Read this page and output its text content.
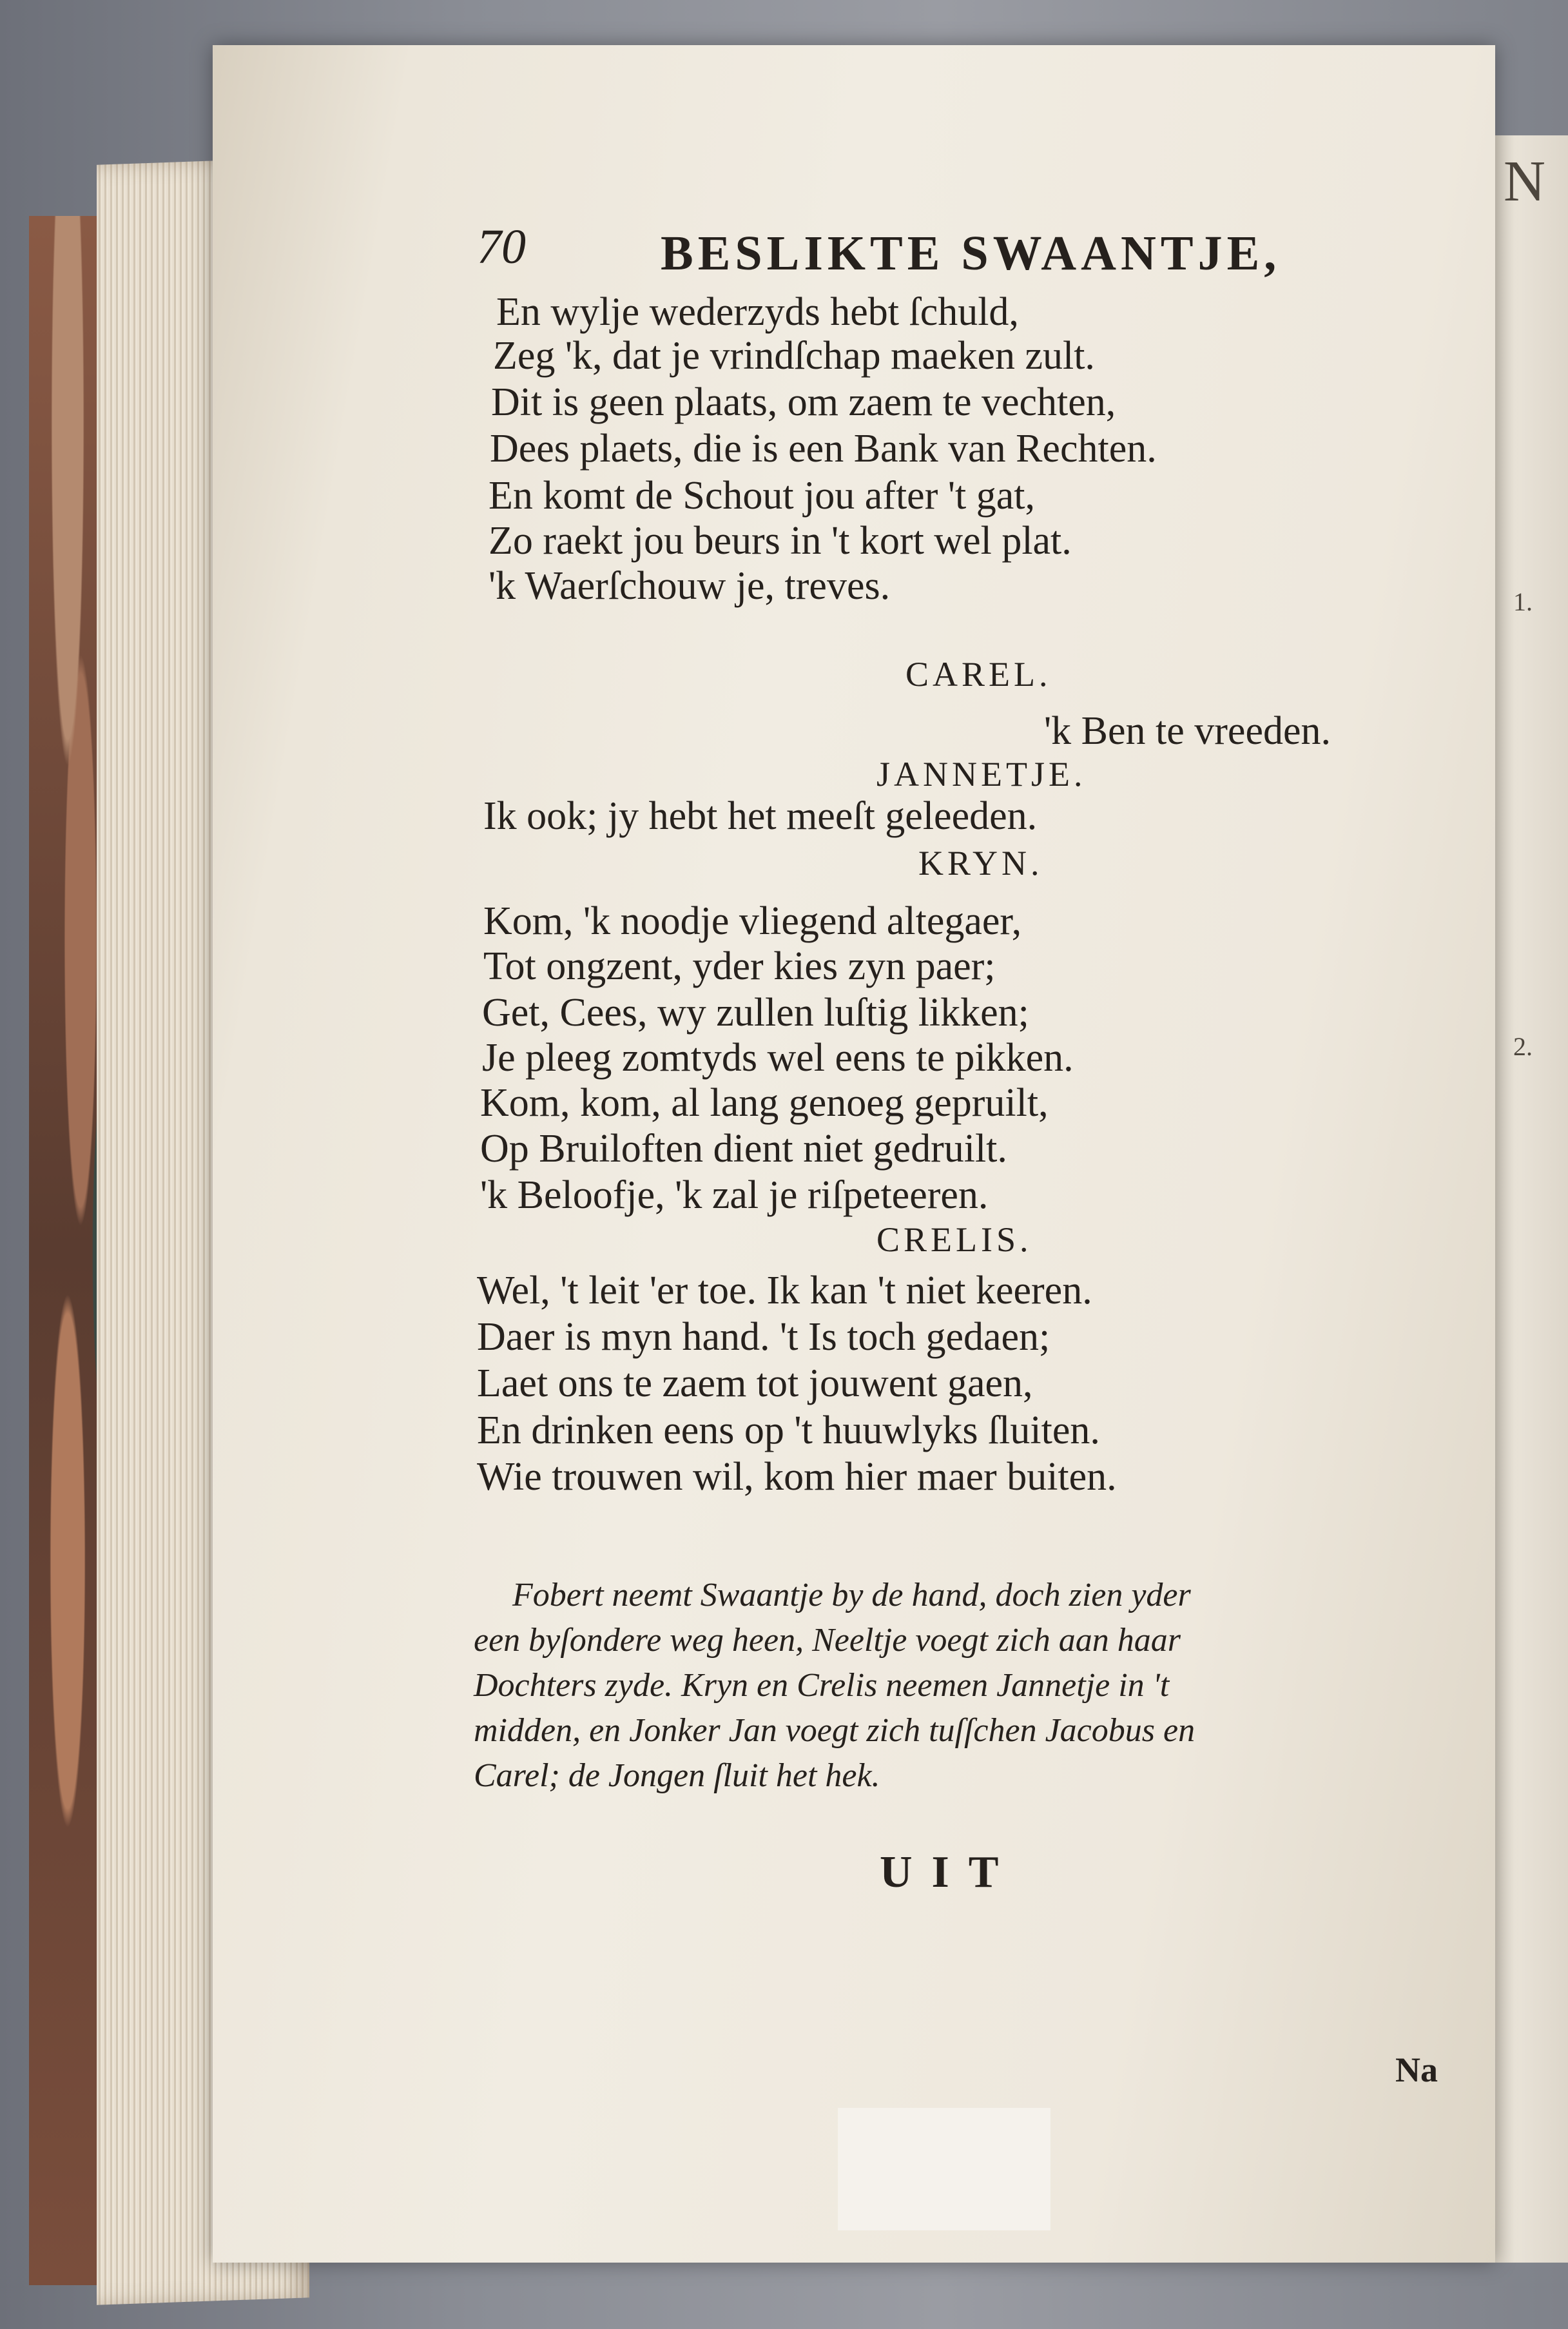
N
1.
2.
70	BESLIKTE SWAANTJE,
En wylje wederzyds hebt ſchuld,
Zeg 'k, dat je vrindſchap maeken zult.
Dit is geen plaats, om zaem te vechten,
Dees plaets, die is een Bank van Rechten.
En komt de Schout jou after 't gat,
Zo raekt jou beurs in 't kort wel plat.
'k Waerſchouw je, treves.
CAREL.
'k Ben te vreeden.
JANNETJE.
Ik ook; jy hebt het meeſt geleeden.
KRYN.
Kom, 'k noodje vliegend altegaer,
Tot ongzent, yder kies zyn paer;
Get, Cees, wy zullen luſtig likken;
Je pleeg zomtyds wel eens te pikken.
Kom, kom, al lang genoeg gepruilt,
Op Bruiloften dient niet gedruilt.
'k Beloofje, 'k zal je riſpeteeren.
CRELIS.
Wel, 't leit 'er toe. Ik kan 't niet keeren.
Daer is myn hand. 't Is toch gedaen;
Laet ons te zaem tot jouwent gaen,
En drinken eens op 't huuwlyks ſluiten.
Wie trouwen wil, kom hier maer buiten.
Fobert neemt Swaantje by de hand, doch zien yder
een byſondere weg heen, Neeltje voegt zich aan haar
Dochters zyde. Kryn en Crelis neemen Jannetje in 't
midden, en Jonker Jan voegt zich tuſſchen Jacobus en
Carel; de Jongen ſluit het hek.
UIT
Na
